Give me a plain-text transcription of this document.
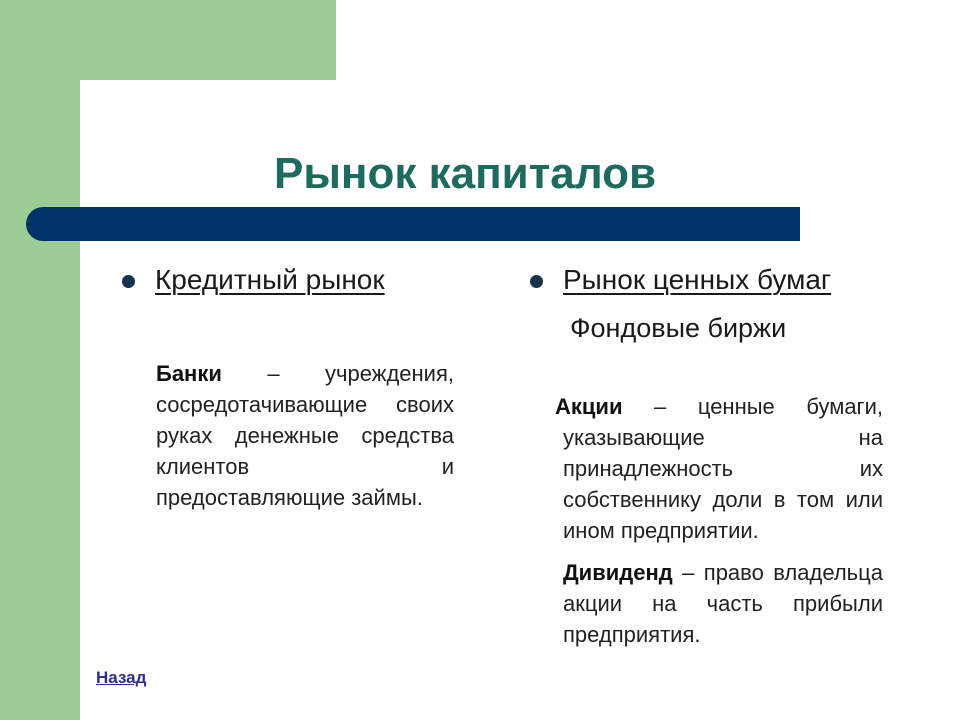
Рынок капиталов
Кредитный рынок
Банки – учреждения, сосредотачивающие своих руках денежные средства клиентов и предоставляющие займы.
Рынок ценных бумаг
Фондовые биржи
Акции – ценные бумаги, указывающие на принадлежность их собственнику доли в том или ином предприятии.
Дивиденд – право владельца акции на часть прибыли предприятия.
Назад
